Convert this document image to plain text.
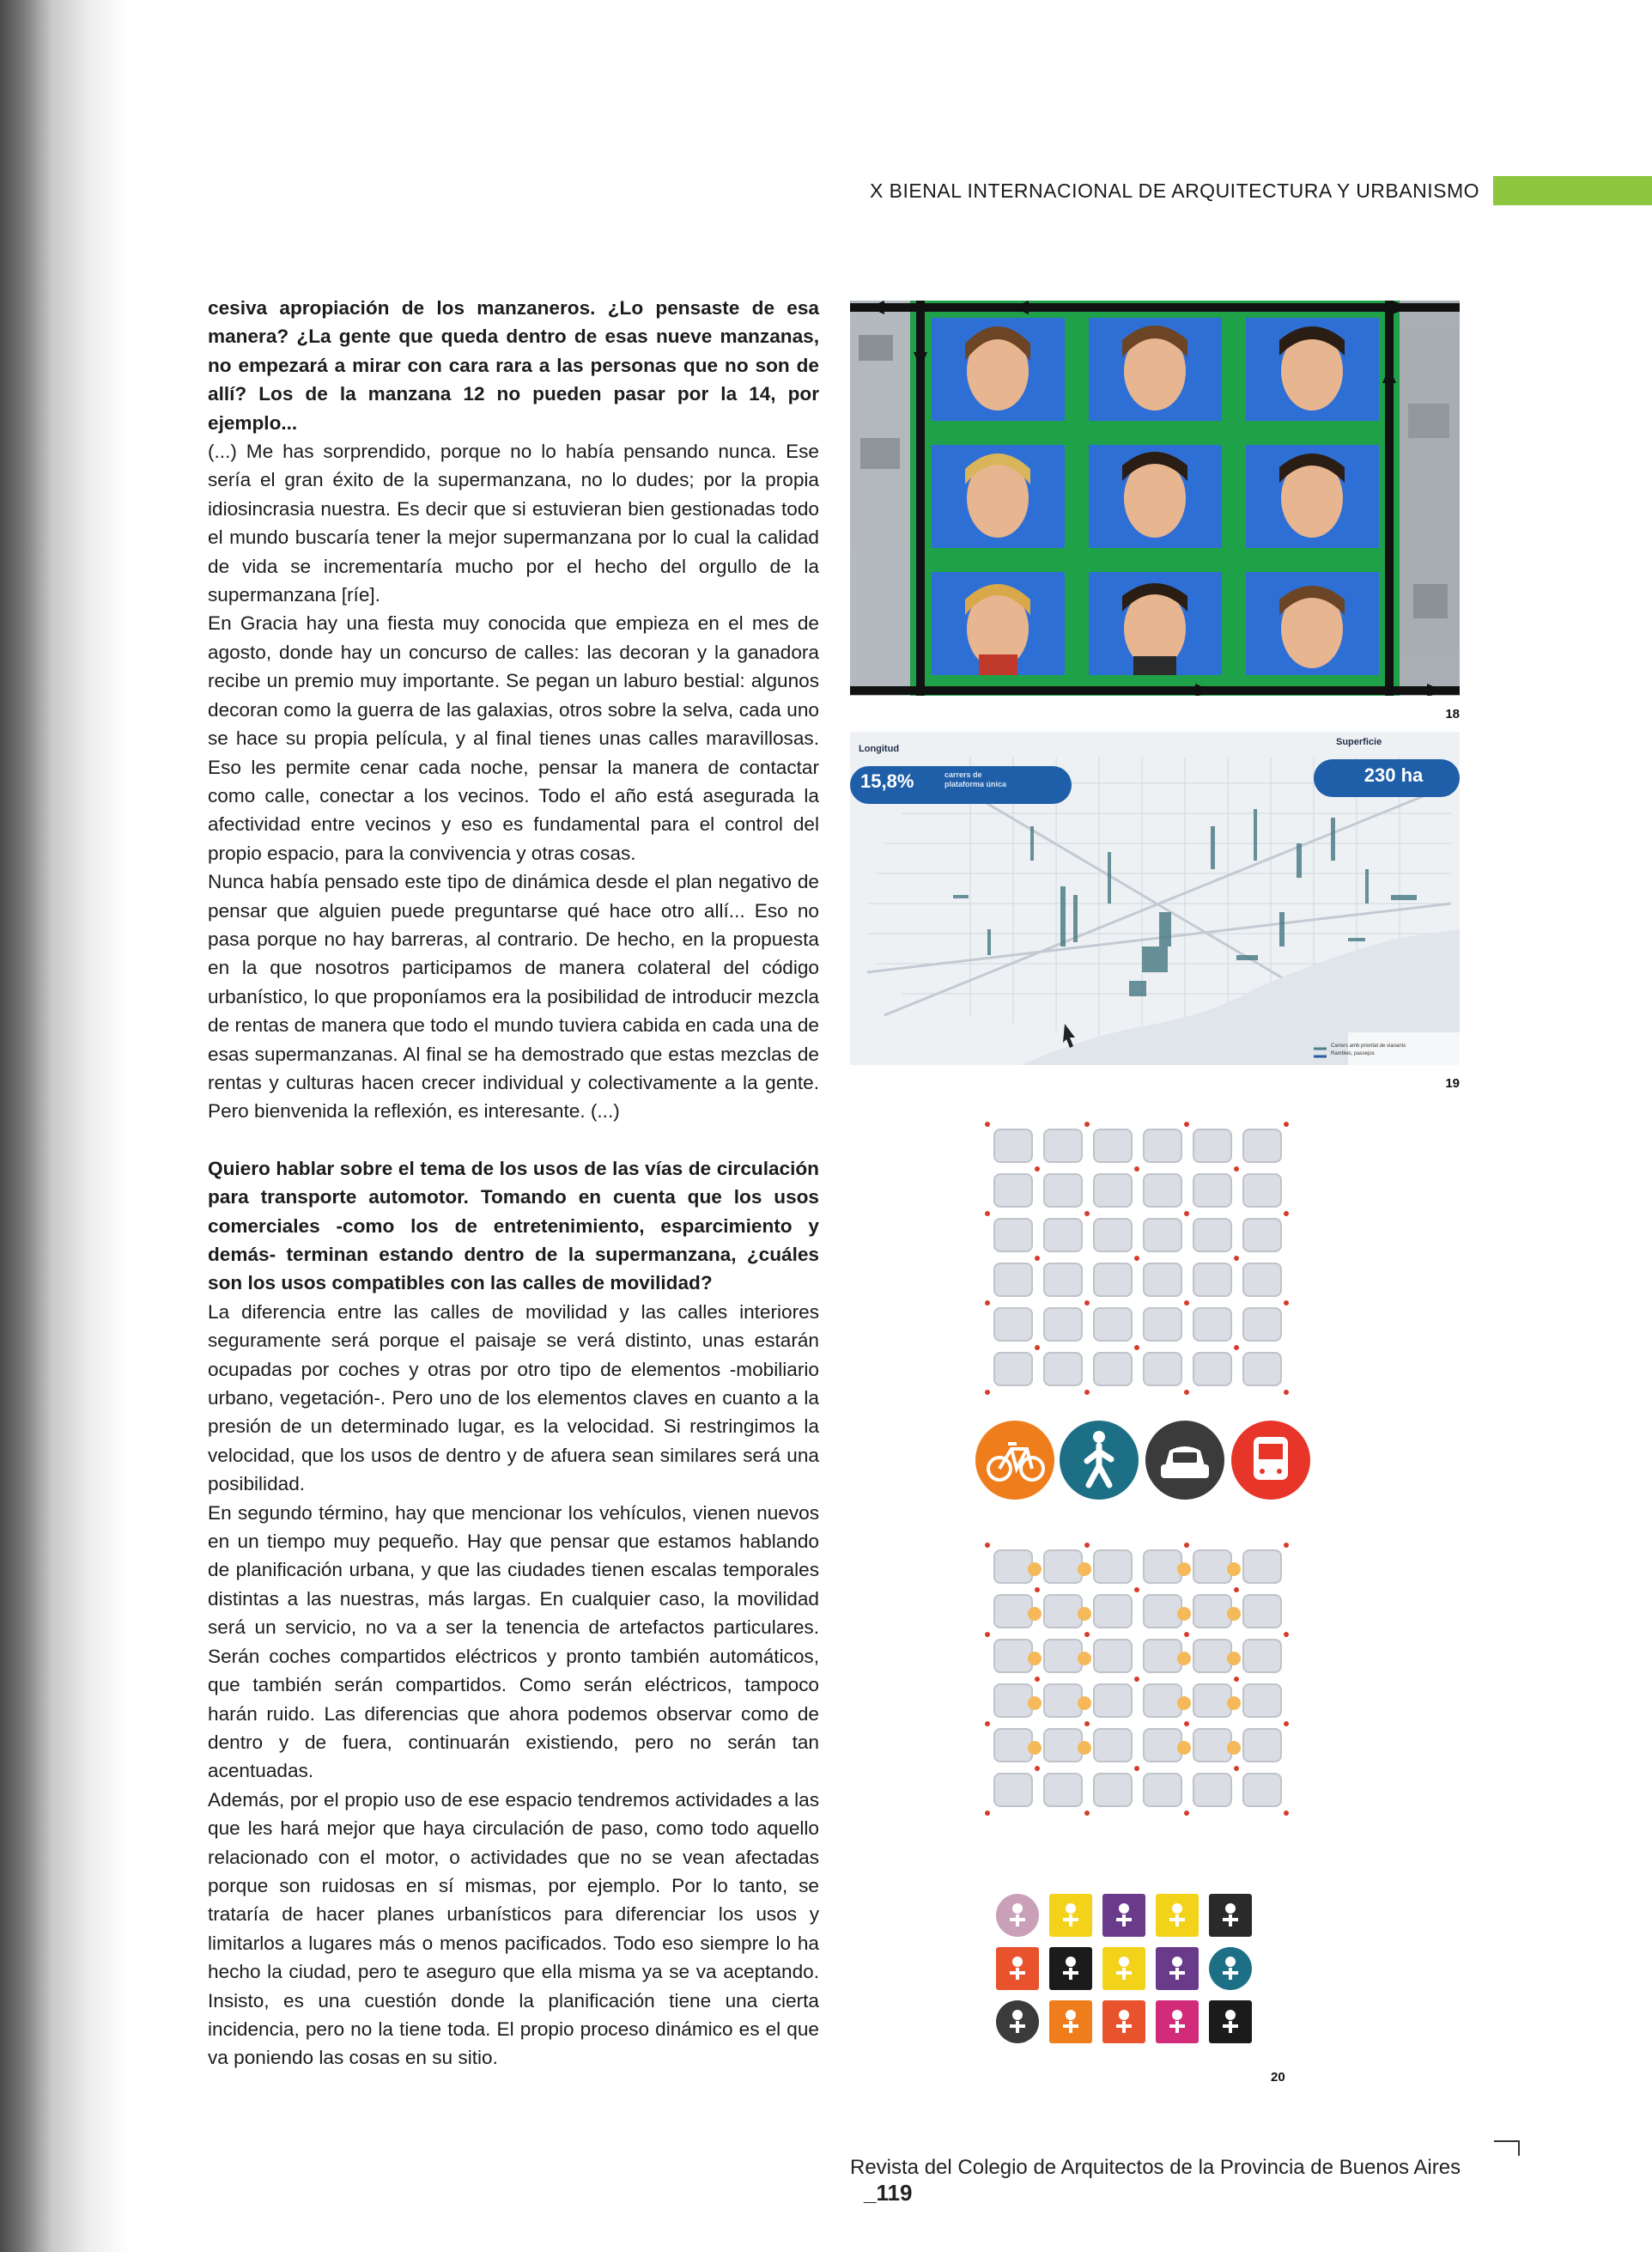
X BIENAL INTERNACIONAL DE ARQUITECTURA Y URBANISMO

cesiva apropiación de los manzaneros. ¿Lo pensaste de esa manera? ¿La gente que queda dentro de esas nueve manzanas, no empezará a mirar con cara rara a las personas que no son de allí? Los de la manzana 12 no pueden pasar por la 14, por ejemplo...

(...) Me has sorprendido, porque no lo había pensando nunca. Ese sería el gran éxito de la supermanzana, no lo dudes; por la propia idiosincrasia nuestra. Es decir que si estuvieran bien gestionadas todo el mundo buscaría tener la mejor supermanzana por lo cual la calidad de vida se incrementaría mucho por el hecho del orgullo de la supermanzana [ríe].

En Gracia hay una fiesta muy conocida que empieza en el mes de agosto, donde hay un concurso de calles: las decoran y la ganadora recibe un premio muy importante. Se pegan un laburo bestial: algunos decoran como la guerra de las galaxias, otros sobre la selva, cada uno se hace su propia película, y al final tienes unas calles maravillosas. Eso les permite cenar cada noche, pensar la manera de contactar como calle, conectar a los vecinos. Todo el año está asegurada la afectividad entre vecinos y eso es fundamental para el control del propio espacio, para la convivencia y otras cosas.

Nunca había pensado este tipo de dinámica desde el plan negativo de pensar que alguien puede preguntarse qué hace otro allí... Eso no pasa porque no hay barreras, al contrario. De hecho, en la propuesta en la que nosotros participamos de manera colateral del código urbanístico, lo que proponíamos era la posibilidad de introducir mezcla de rentas de manera que todo el mundo tuviera cabida en cada una de esas supermanzanas. Al final se ha demostrado que estas mezclas de rentas y culturas hacen crecer individual y colectivamente a la gente. Pero bienvenida la reflexión, es interesante. (...)

Quiero hablar sobre el tema de los usos de las vías de circulación para transporte automotor. Tomando en cuenta que los usos comerciales -como los de entretenimiento, esparcimiento y demás- terminan estando dentro de la supermanzana, ¿cuáles son los usos compatibles con las calles de movilidad?

La diferencia entre las calles de movilidad y las calles interiores seguramente será porque el paisaje se verá distinto, unas estarán ocupadas por coches y otras por otro tipo de elementos -mobiliario urbano, vegetación-. Pero uno de los elementos claves en cuanto a la presión de un determinado lugar, es la velocidad. Si restringimos la velocidad, que los usos de dentro y de afuera sean similares será una posibilidad.

En segundo término, hay que mencionar los vehículos, vienen nuevos en un tiempo muy pequeño. Hay que pensar que estamos hablando de planificación urbana, y que las ciudades tienen escalas temporales distintas a las nuestras, más largas. En cualquier caso, la movilidad será un servicio, no va a ser la tenencia de artefactos particulares. Serán coches compartidos eléctricos y pronto también automáticos, que también serán compartidos. Como serán eléctricos, tampoco harán ruido. Las diferencias que ahora podemos observar como de dentro y de fuera, continuarán existiendo, pero no serán tan acentuadas.

Además, por el propio uso de ese espacio tendremos actividades a las que les hará mejor que haya circulación de paso, como todo aquello relacionado con el motor, o actividades que no se vean afectadas porque son ruidosas en sí mismas, por ejemplo. Por lo tanto, se trataría de hacer planes urbanísticos para diferenciar los usos y limitarlos a lugares más o menos pacificados. Todo eso siempre lo ha hecho la ciudad, pero te aseguro que ella misma ya se va aceptando. Insisto, es una cuestión donde la planificación tiene una cierta incidencia, pero no la tiene toda. El propio proceso dinámico es el que va poniendo las cosas en su sitio.

18
Longitud
15,8%	carrers de
plataforma única
Superficie
230 ha
Carrers amb prioritat de vianants
Rambles, passejos
19
20
Revista del Colegio de Arquitectos de la Provincia de Buenos Aires _119
